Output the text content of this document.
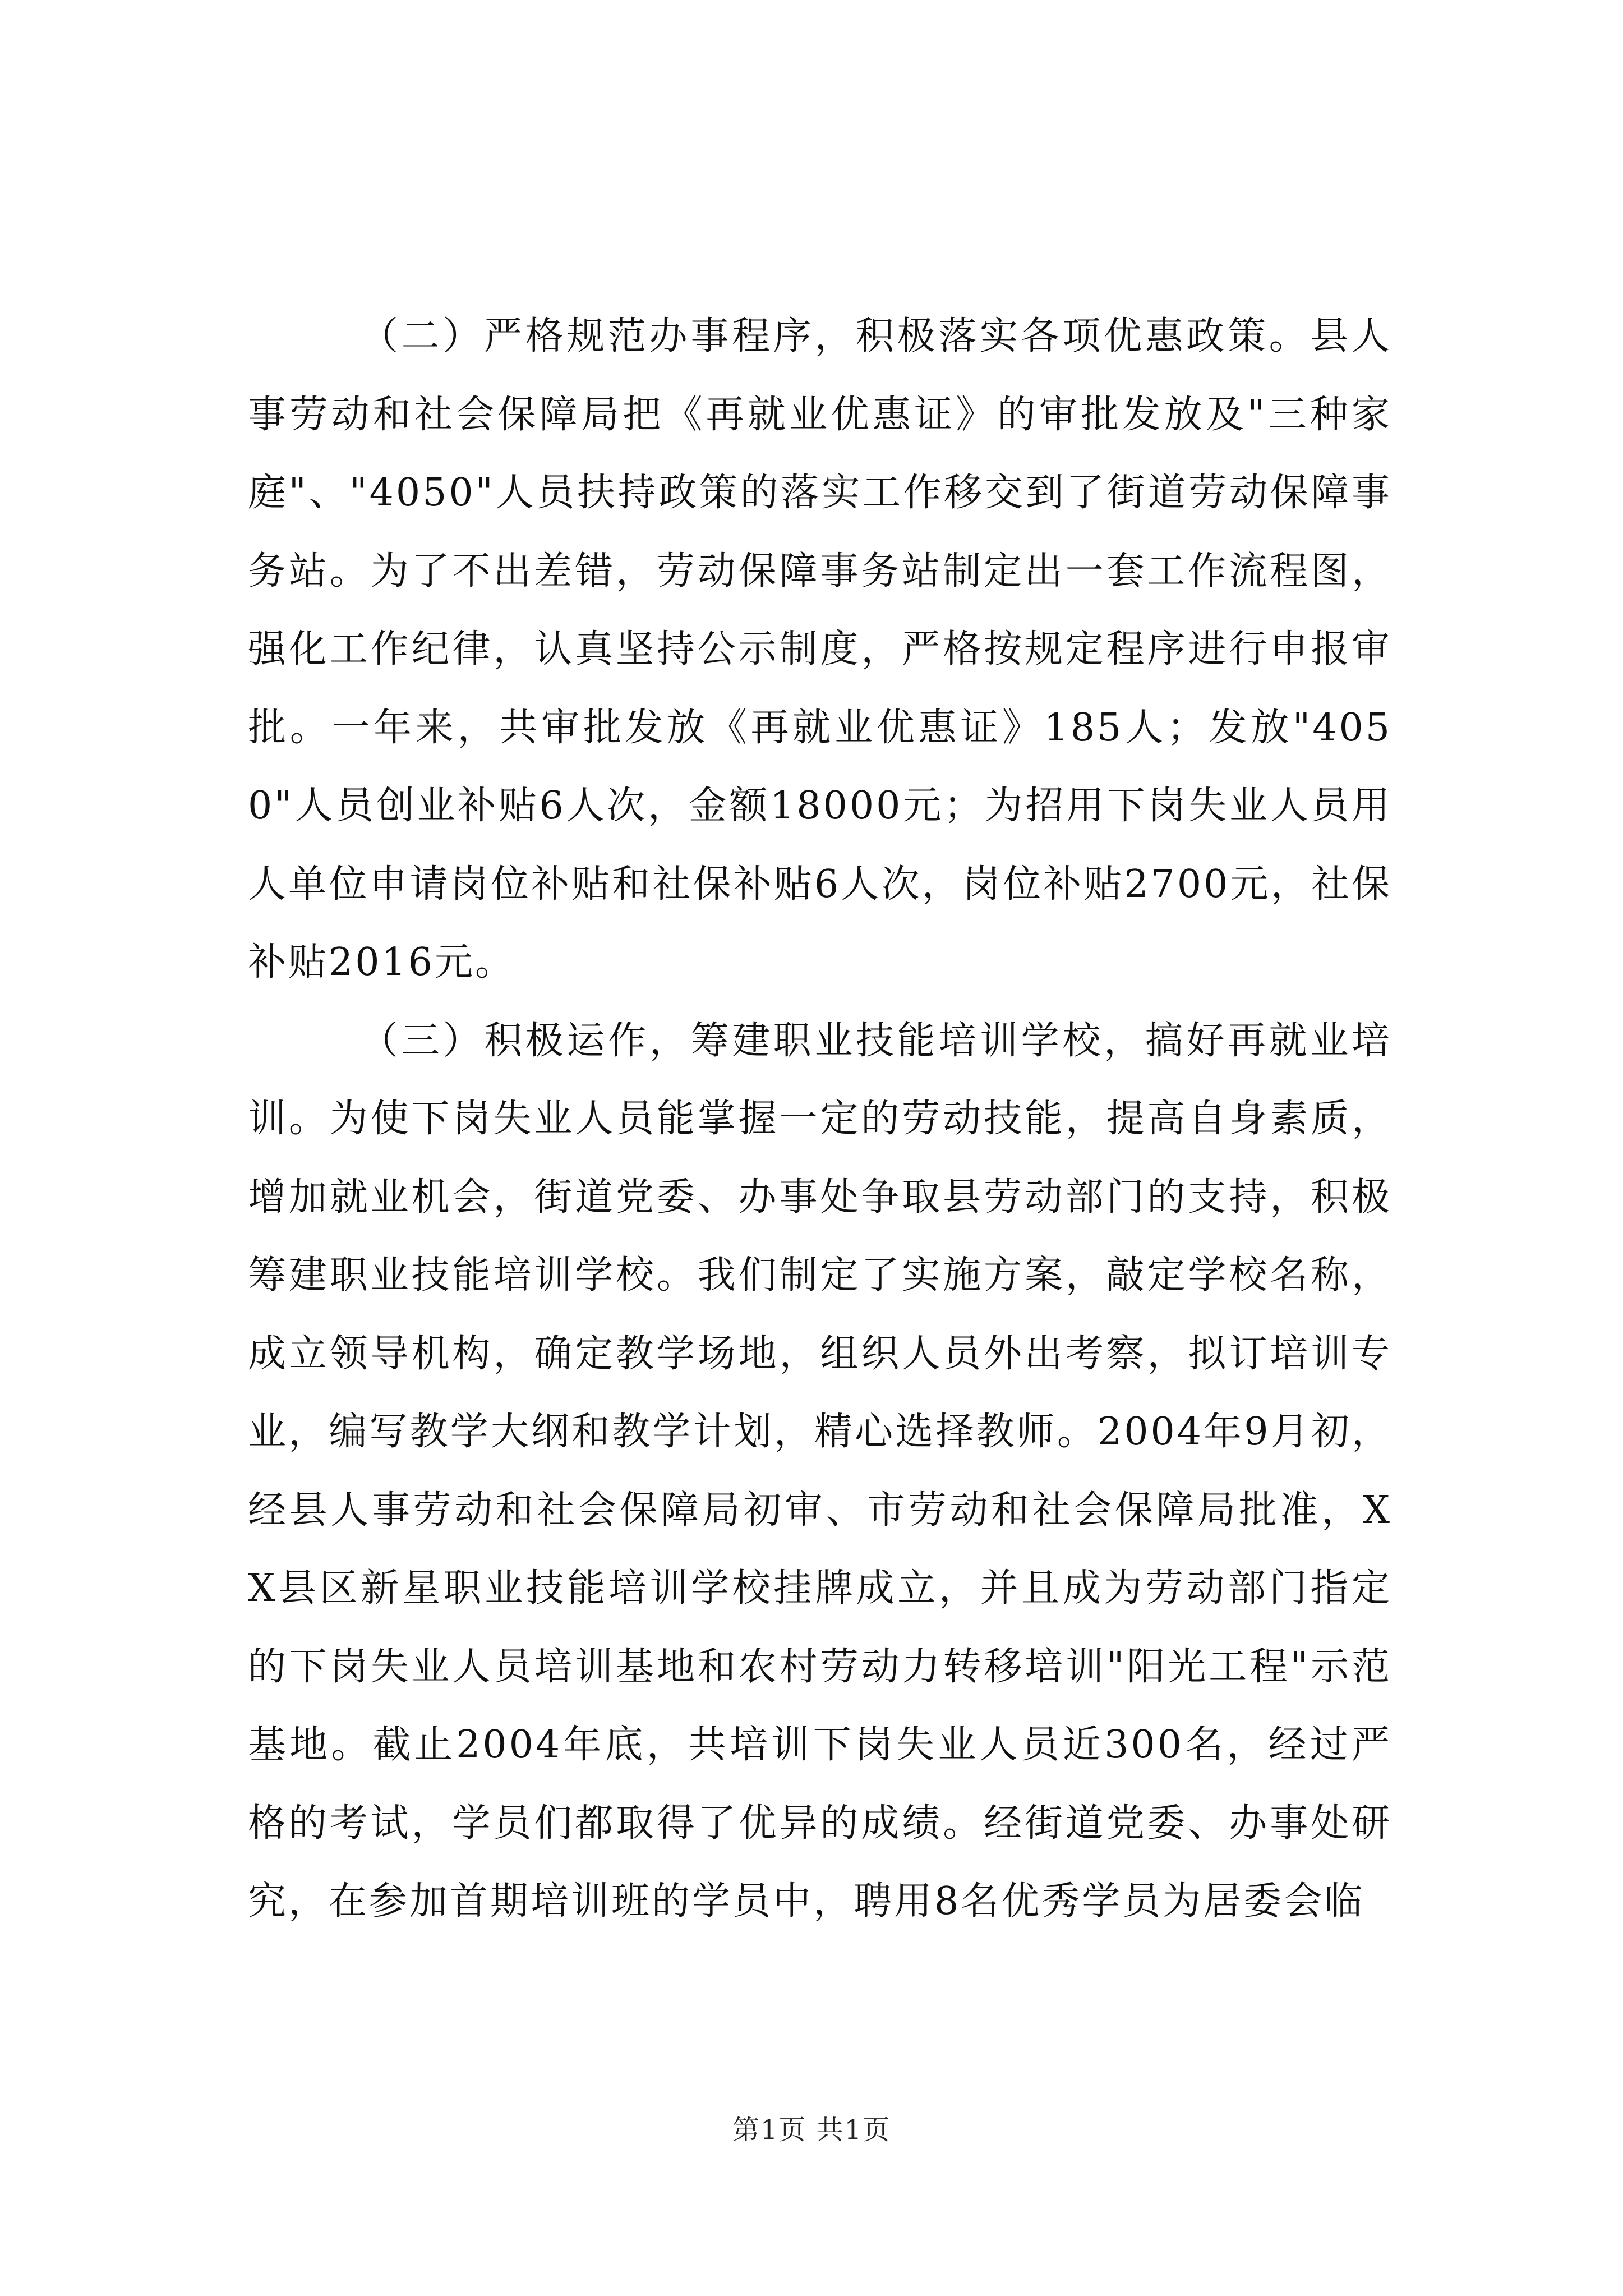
（二）严格规范办事程序，积极落实各项优惠政策。县人事劳动和社会保障局把《再就业优惠证》的审批发放及"三种家庭"、"4050"人员扶持政策的落实工作移交到了街道劳动保障事务站。为了不出差错，劳动保障事务站制定出一套工作流程图，强化工作纪律，认真坚持公示制度，严格按规定程序进行申报审批。一年来，共审批发放《再就业优惠证》185人；发放"4050"人员创业补贴6人次，金额18000元；为招用下岗失业人员用人单位申请岗位补贴和社保补贴6人次，岗位补贴2700元，社保补贴2016元。

（三）积极运作，筹建职业技能培训学校，搞好再就业培训。为使下岗失业人员能掌握一定的劳动技能，提高自身素质，增加就业机会，街道党委、办事处争取县劳动部门的支持，积极筹建职业技能培训学校。我们制定了实施方案，敲定学校名称，成立领导机构，确定教学场地，组织人员外出考察，拟订培训专业，编写教学大纲和教学计划，精心选择教师。2004年9月初，经县人事劳动和社会保障局初审、市劳动和社会保障局批准，XX县区新星职业技能培训学校挂牌成立，并且成为劳动部门指定的下岗失业人员培训基地和农村劳动力转移培训"阳光工程"示范基地。截止2004年底，共培训下岗失业人员近300名，经过严格的考试，学员们都取得了优异的成绩。经街道党委、办事处研究，在参加首期培训班的学员中，聘用8名优秀学员为居委会临

第1页 共1页
